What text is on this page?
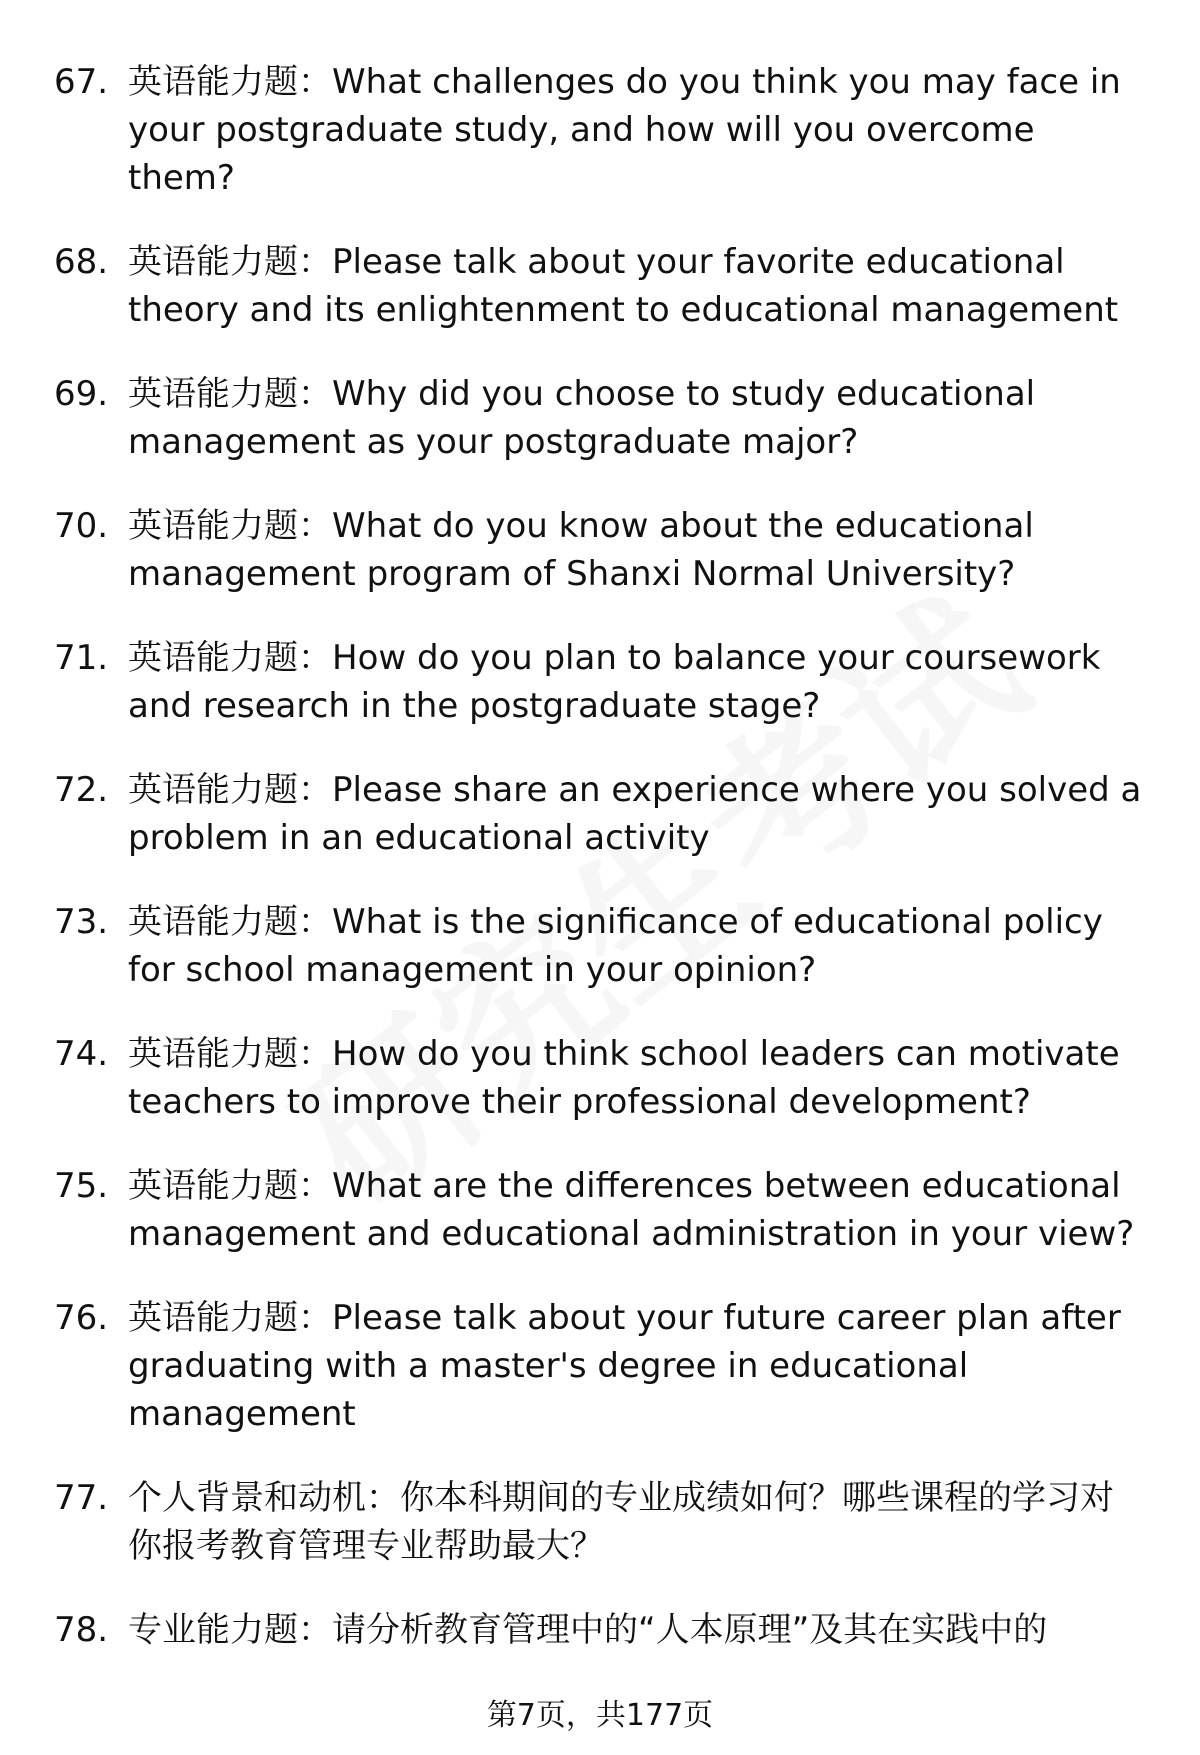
67. 英语能力题：What challenges do you think you may face in your postgraduate study, and how will you overcome them?
68. 英语能力题：Please talk about your favorite educational theory and its enlightenment to educational management
69. 英语能力题：Why did you choose to study educational management as your postgraduate major?
70. 英语能力题：What do you know about the educational management program of Shanxi Normal University?
71. 英语能力题：How do you plan to balance your coursework and research in the postgraduate stage?
72. 英语能力题：Please share an experience where you solved a problem in an educational activity
73. 英语能力题：What is the significance of educational policy for school management in your opinion?
74. 英语能力题：How do you think school leaders can motivate teachers to improve their professional development?
75. 英语能力题：What are the differences between educational management and educational administration in your view?
76. 英语能力题：Please talk about your future career plan after graduating with a master's degree in educational management
77. 个人背景和动机：你本科期间的专业成绩如何？哪些课程的学习对你报考教育管理专业帮助最大？
78. 专业能力题：请分析教育管理中的“人本原理”及其在实践中的
第7页，共177页
